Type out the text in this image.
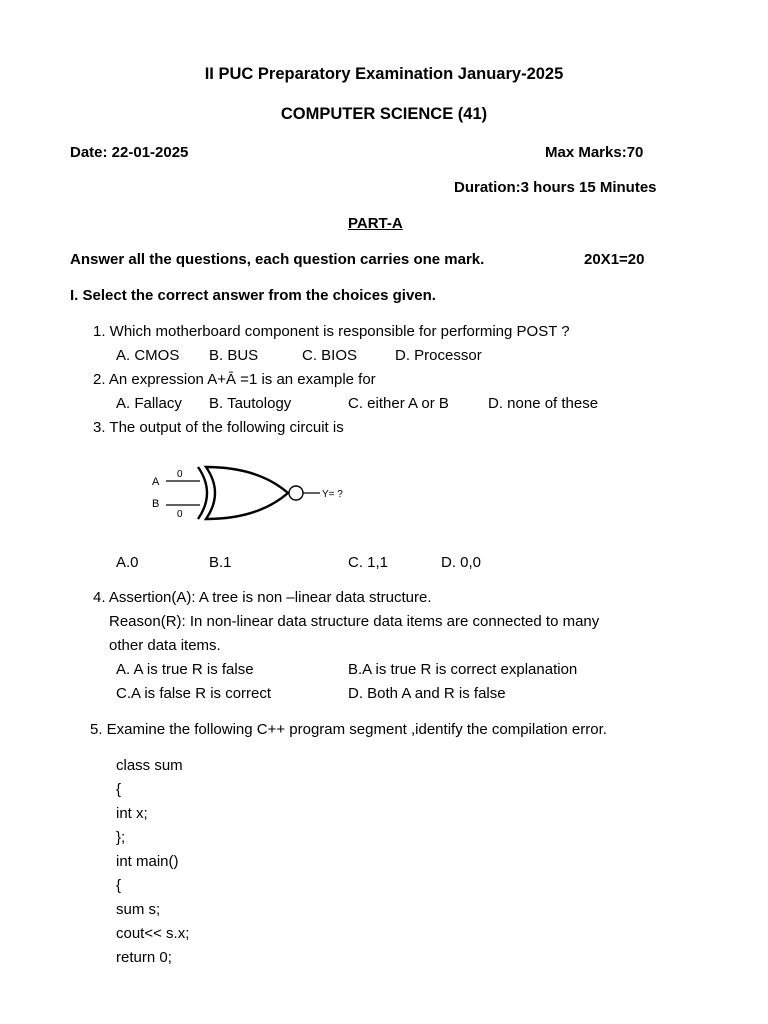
II PUC Preparatory Examination January-2025
COMPUTER SCIENCE (41)
Date: 22-01-2025	Max Marks:70
Duration:3 hours 15 Minutes
PART-A
Answer all the questions, each question carries one mark.	20X1=20
I. Select the correct answer from the choices given.
1. Which motherboard component is responsible for performing POST ?
A. CMOS B. BUS	C. BIOS	D. Processor
2. An expression A+Ā =1 is an example for
A. Fallacy B. Tautology	C. either A or B	D. none of these
3. The output of the following circuit is
A
B
0
0
Y= ?
A.0	B.1	C. 1,1	D. 0,0
4. Assertion(A): A tree is non –linear data structure.
Reason(R): In non-linear data structure data items are connected to many
other data items.
A. A is true R is false	B.A is true R is correct explanation
C.A is false R is correct	D. Both A and R is false
5. Examine the following C++ program segment ,identify the compilation error.
class sum
{
int x;
};
int main()
{
sum s;
cout<< s.x;
return 0;
